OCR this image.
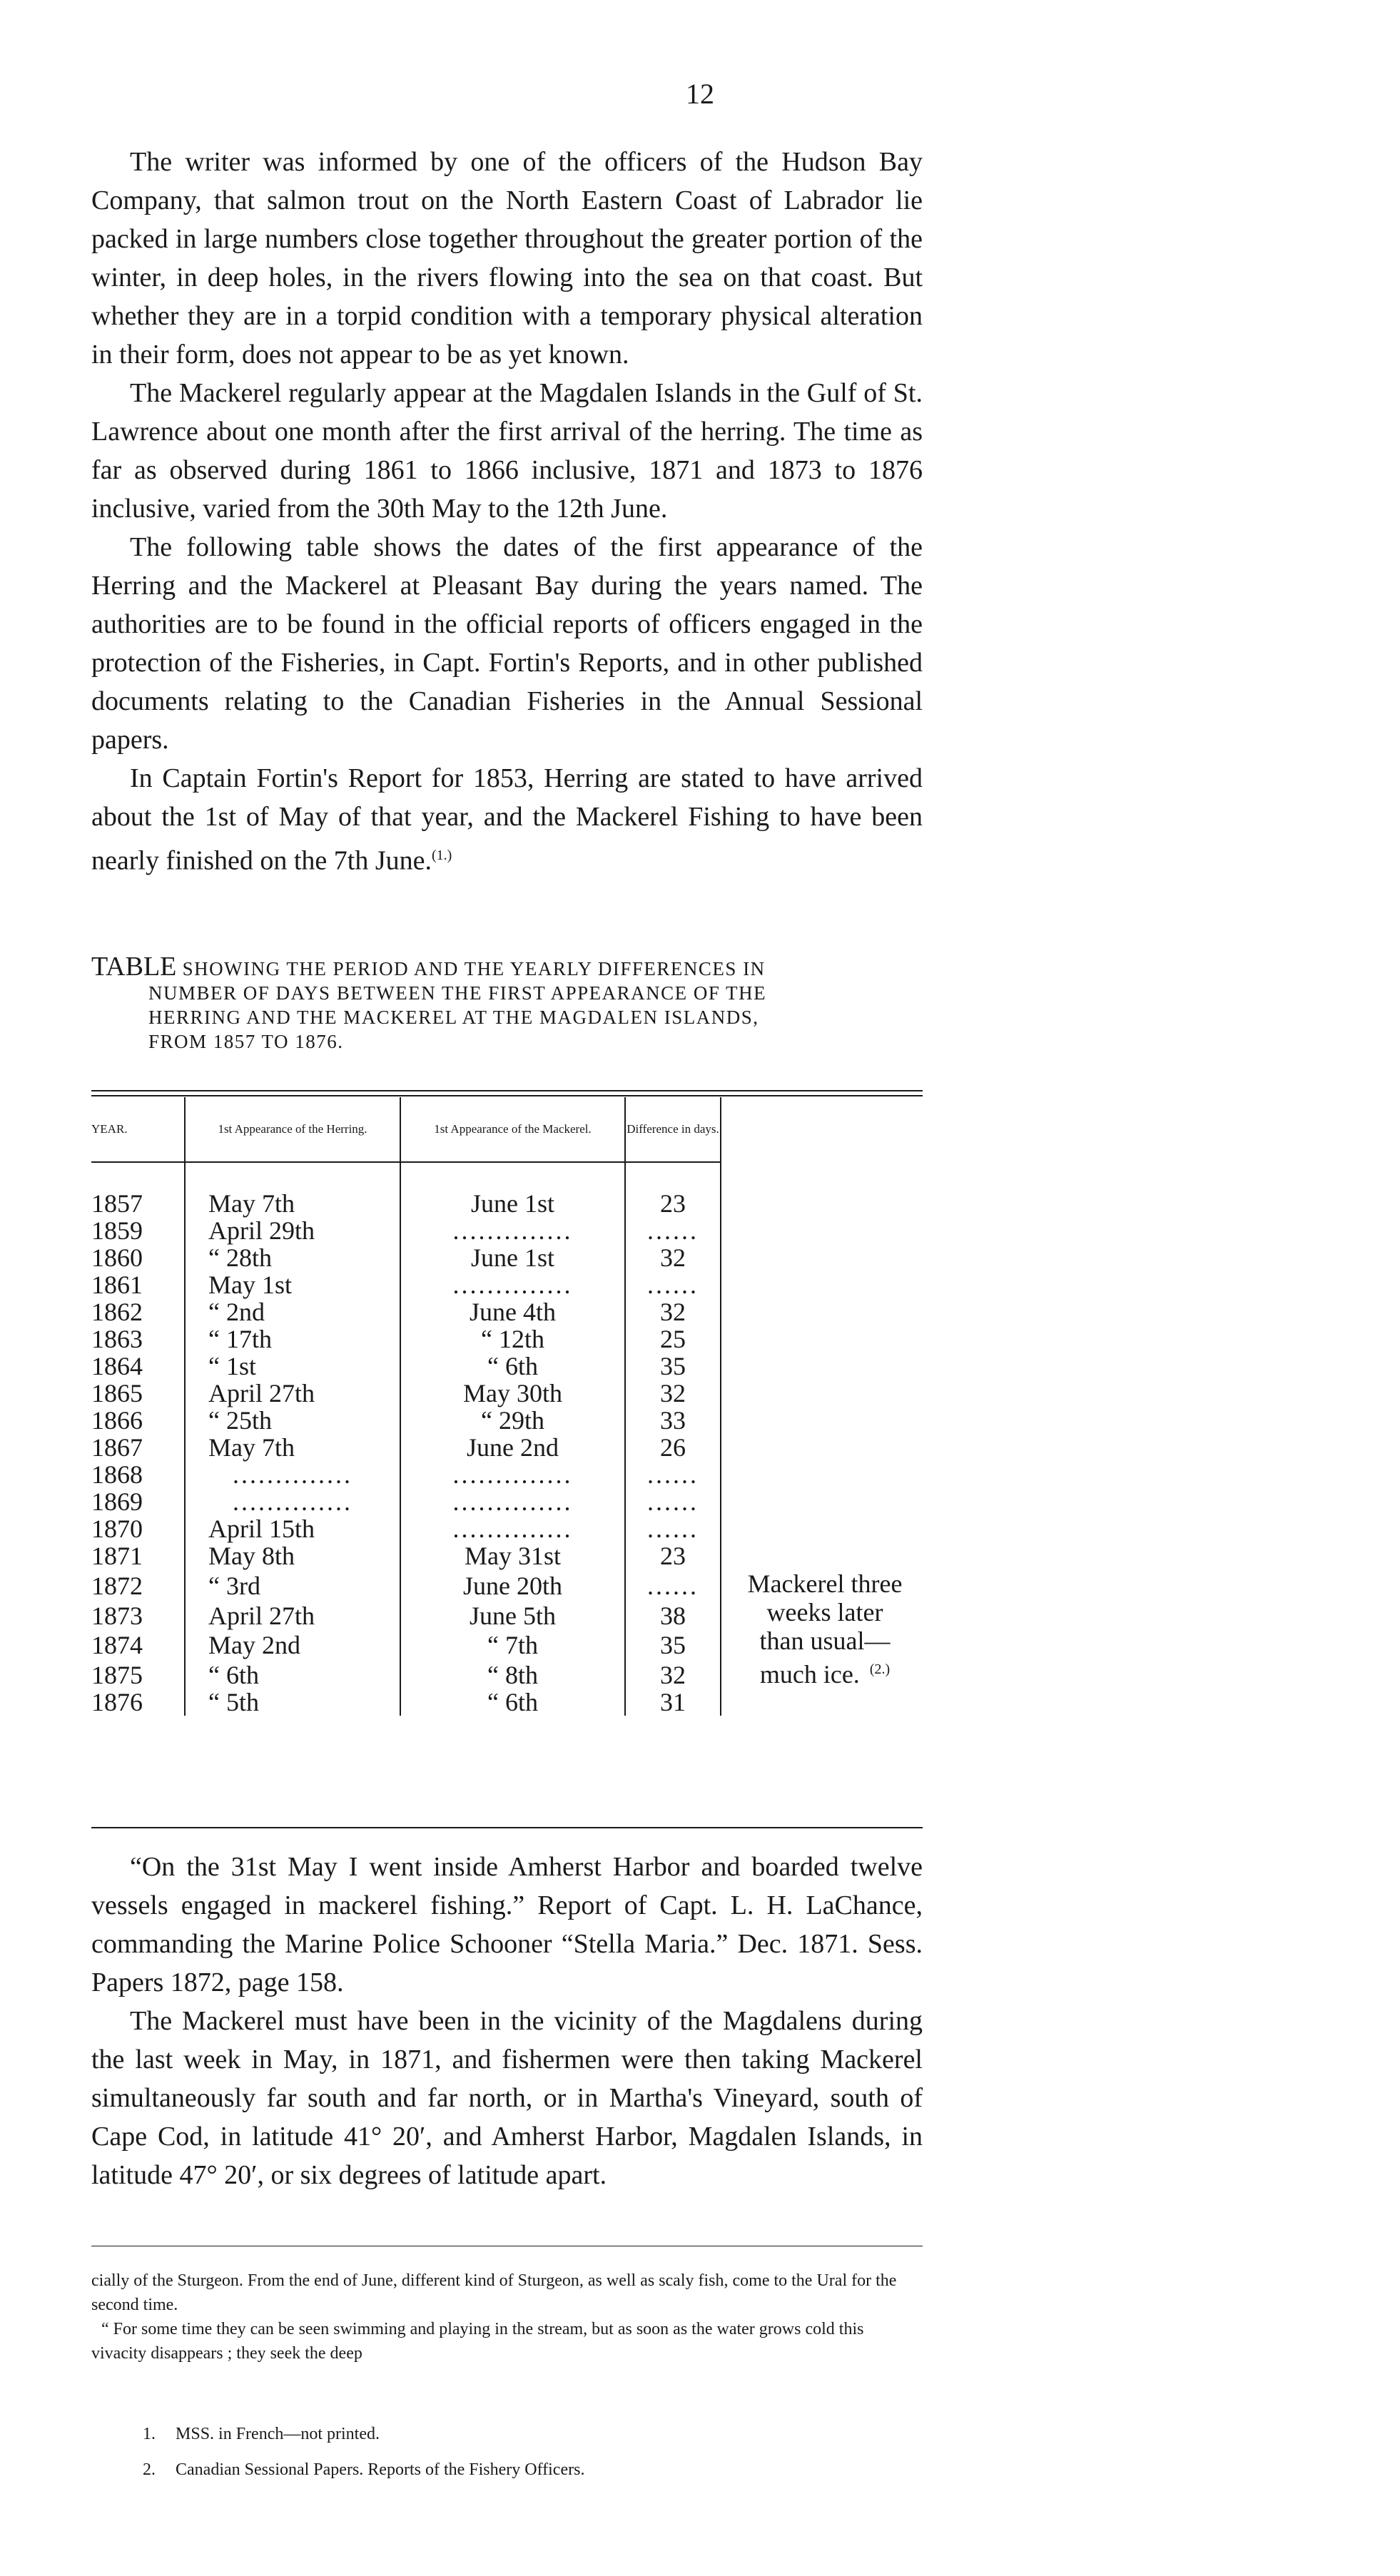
12

The writer was informed by one of the officers of the Hudson Bay Company, that salmon trout on the North Eastern Coast of Labrador lie packed in large numbers close together throughout the greater portion of the winter, in deep holes, in the rivers flowing into the sea on that coast. But whether they are in a torpid condition with a temporary physical alteration in their form, does not appear to be as yet known.

The Mackerel regularly appear at the Magdalen Islands in the Gulf of St. Lawrence about one month after the first arrival of the herring. The time as far as observed during 1861 to 1866 inclusive, 1871 and 1873 to 1876 inclusive, varied from the 30th May to the 12th June.

The following table shows the dates of the first appearance of the Herring and the Mackerel at Pleasant Bay during the years named. The authorities are to be found in the official reports of officers engaged in the protection of the Fisheries, in Capt. Fortin's Reports, and in other published documents relating to the Canadian Fisheries in the Annual Sessional papers.

In Captain Fortin's Report for 1853, Herring are stated to have arrived about the 1st of May of that year, and the Mackerel Fishing to have been nearly finished on the 7th June.$^{(1.)}$

TABLE SHOWING THE PERIOD AND THE YEARLY DIFFERENCES IN
NUMBER OF DAYS BETWEEN THE FIRST APPEARANCE OF THE
HERRING AND THE MACKEREL AT THE MAGDALEN ISLANDS,
FROM 1857 TO 1876.
YEAR.	1st Appearance of the Herring.	1st Appearance of the Mackerel.	Difference in days.	

1857	May 7th	June 1st	23	
1859	April 29th	..............	......	
1860	“ 28th	June 1st	32	
1861	May 1st	..............	......	
1862	“ 2nd	June 4th	32	
1863	“ 17th	“ 12th	25	
1864	“ 1st	“ 6th	35	
1865	April 27th	May 30th	32	
1866	“ 25th	“ 29th	33	
1867	May 7th	June 2nd	26	
1868	..............	..............	......	
1869	..............	..............	......	
1870	April 15th	..............	......	
1871	May 8th	May 31st	23	
1872	“ 3rd	June 20th	......	Mackerel three
weeks later
than usual—
much ice. $^{(2.)}$

1873	April 27th	June 5th	38	
1874	May 2nd	“ 7th	35	
1875	“ 6th	“ 8th	32	
1876	“ 5th	“ 6th	31	

“On the 31st May I went inside Amherst Harbor and boarded twelve vessels engaged in mackerel fishing.” Report of Capt. L. H. LaChance, commanding the Marine Police Schooner “Stella Maria.” Dec. 1871. Sess. Papers 1872, page 158.

The Mackerel must have been in the vicinity of the Magdalens during the last week in May, in 1871, and fishermen were then taking Mackerel simultaneously far south and far north, or in Martha's Vineyard, south of Cape Cod, in latitude 41° 20′, and Amherst Harbor, Magdalen Islands, in latitude 47° 20′, or six degrees of latitude apart.

cially of the Sturgeon. From the end of June, different kind of Sturgeon, as well as scaly fish, come to the Ural for the second time.

“ For some time they can be seen swimming and playing in the stream, but as soon as the water grows cold this vivacity disappears ; they seek the deep

1. MSS. in French—not printed.
2. Canadian Sessional Papers. Reports of the Fishery Officers.
